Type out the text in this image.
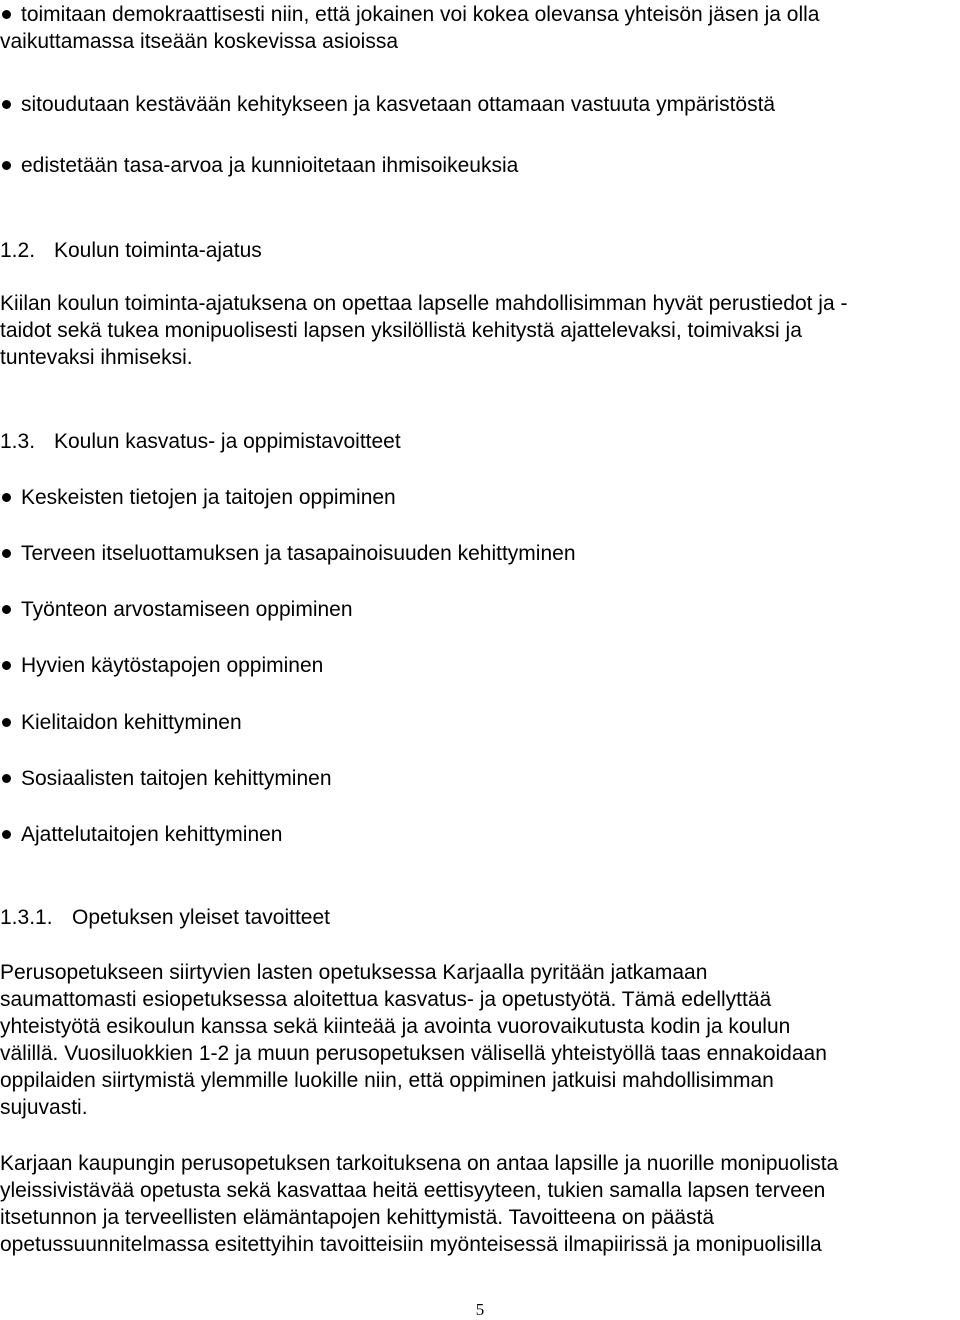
toimitaan demokraattisesti niin, että jokainen voi kokea olevansa yhteisön jäsen ja olla
vaikuttamassa itseään koskevissa asioissa
sitoudutaan kestävään kehitykseen ja kasvetaan ottamaan vastuuta ympäristöstä
edistetään tasa-arvoa ja kunnioitetaan ihmisoikeuksia
1.2. Koulun toiminta-ajatus
Kiilan koulun toiminta-ajatuksena on opettaa lapselle mahdollisimman hyvät perustiedot ja -
taidot sekä tukea monipuolisesti lapsen yksilöllistä kehitystä ajattelevaksi, toimivaksi ja
tuntevaksi ihmiseksi.
1.3. Koulun kasvatus- ja oppimistavoitteet
Keskeisten tietojen ja taitojen oppiminen
Terveen itseluottamuksen ja tasapainoisuuden kehittyminen
Työnteon arvostamiseen oppiminen
Hyvien käytöstapojen oppiminen
Kielitaidon kehittyminen
Sosiaalisten taitojen kehittyminen
Ajattelutaitojen kehittyminen
1.3.1. Opetuksen yleiset tavoitteet
Perusopetukseen siirtyvien lasten opetuksessa Karjaalla pyritään jatkamaan
saumattomasti esiopetuksessa aloitettua kasvatus- ja opetustyötä. Tämä edellyttää
yhteistyötä esikoulun kanssa sekä kiinteää ja avointa vuorovaikutusta kodin ja koulun
välillä. Vuosiluokkien 1-2 ja muun perusopetuksen välisellä yhteistyöllä taas ennakoidaan
oppilaiden siirtymistä ylemmille luokille niin, että oppiminen jatkuisi mahdollisimman
sujuvasti.
Karjaan kaupungin perusopetuksen tarkoituksena on antaa lapsille ja nuorille monipuolista
yleissivistävää opetusta sekä kasvattaa heitä eettisyyteen, tukien samalla lapsen terveen
itsetunnon ja terveellisten elämäntapojen kehittymistä. Tavoitteena on päästä
opetussuunnitelmassa esitettyihin tavoitteisiin myönteisessä ilmapiirissä ja monipuolisilla
5
